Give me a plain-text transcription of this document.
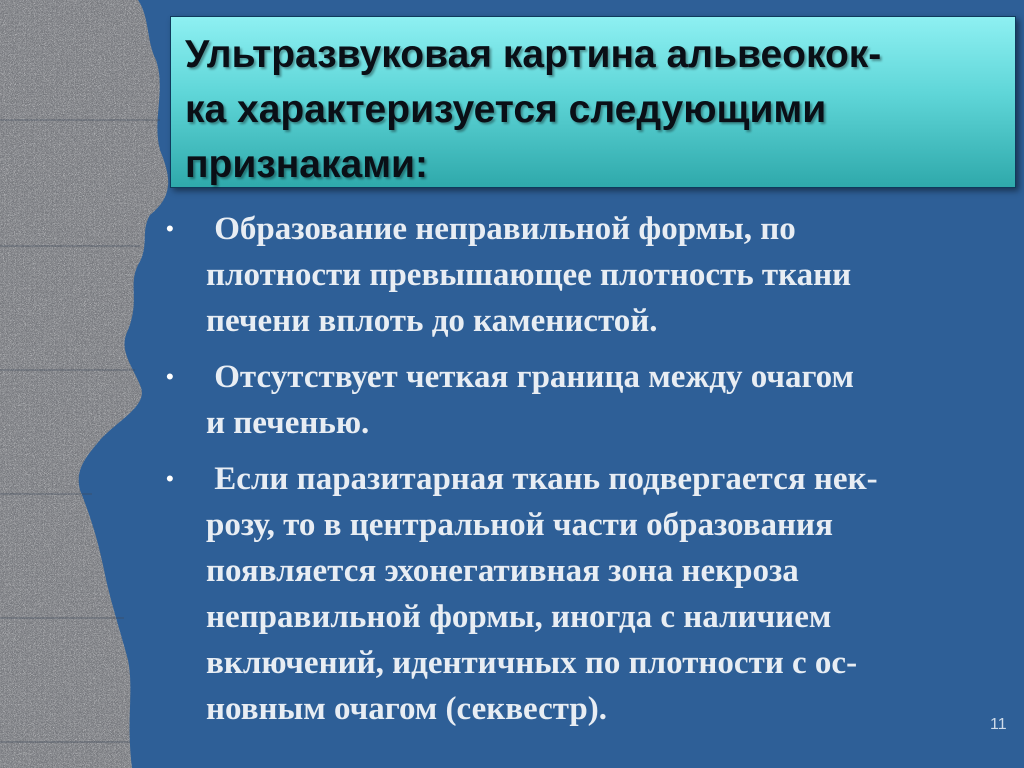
Ультразвуковая картина альвеокок-
ка характеризуется следующими
признаками:
• Образование неправильной формы, по
плотности превышающее плотность ткани
печени вплоть до каменистой.
• Отсутствует четкая граница между очагом
и печенью.
• Если паразитарная ткань подвергается нек-
розу, то в центральной части образования
появляется эхонегативная зона некроза
неправильной формы, иногда с наличием
включений, идентичных по плотности с ос-
новным очагом (секвестр).	11
